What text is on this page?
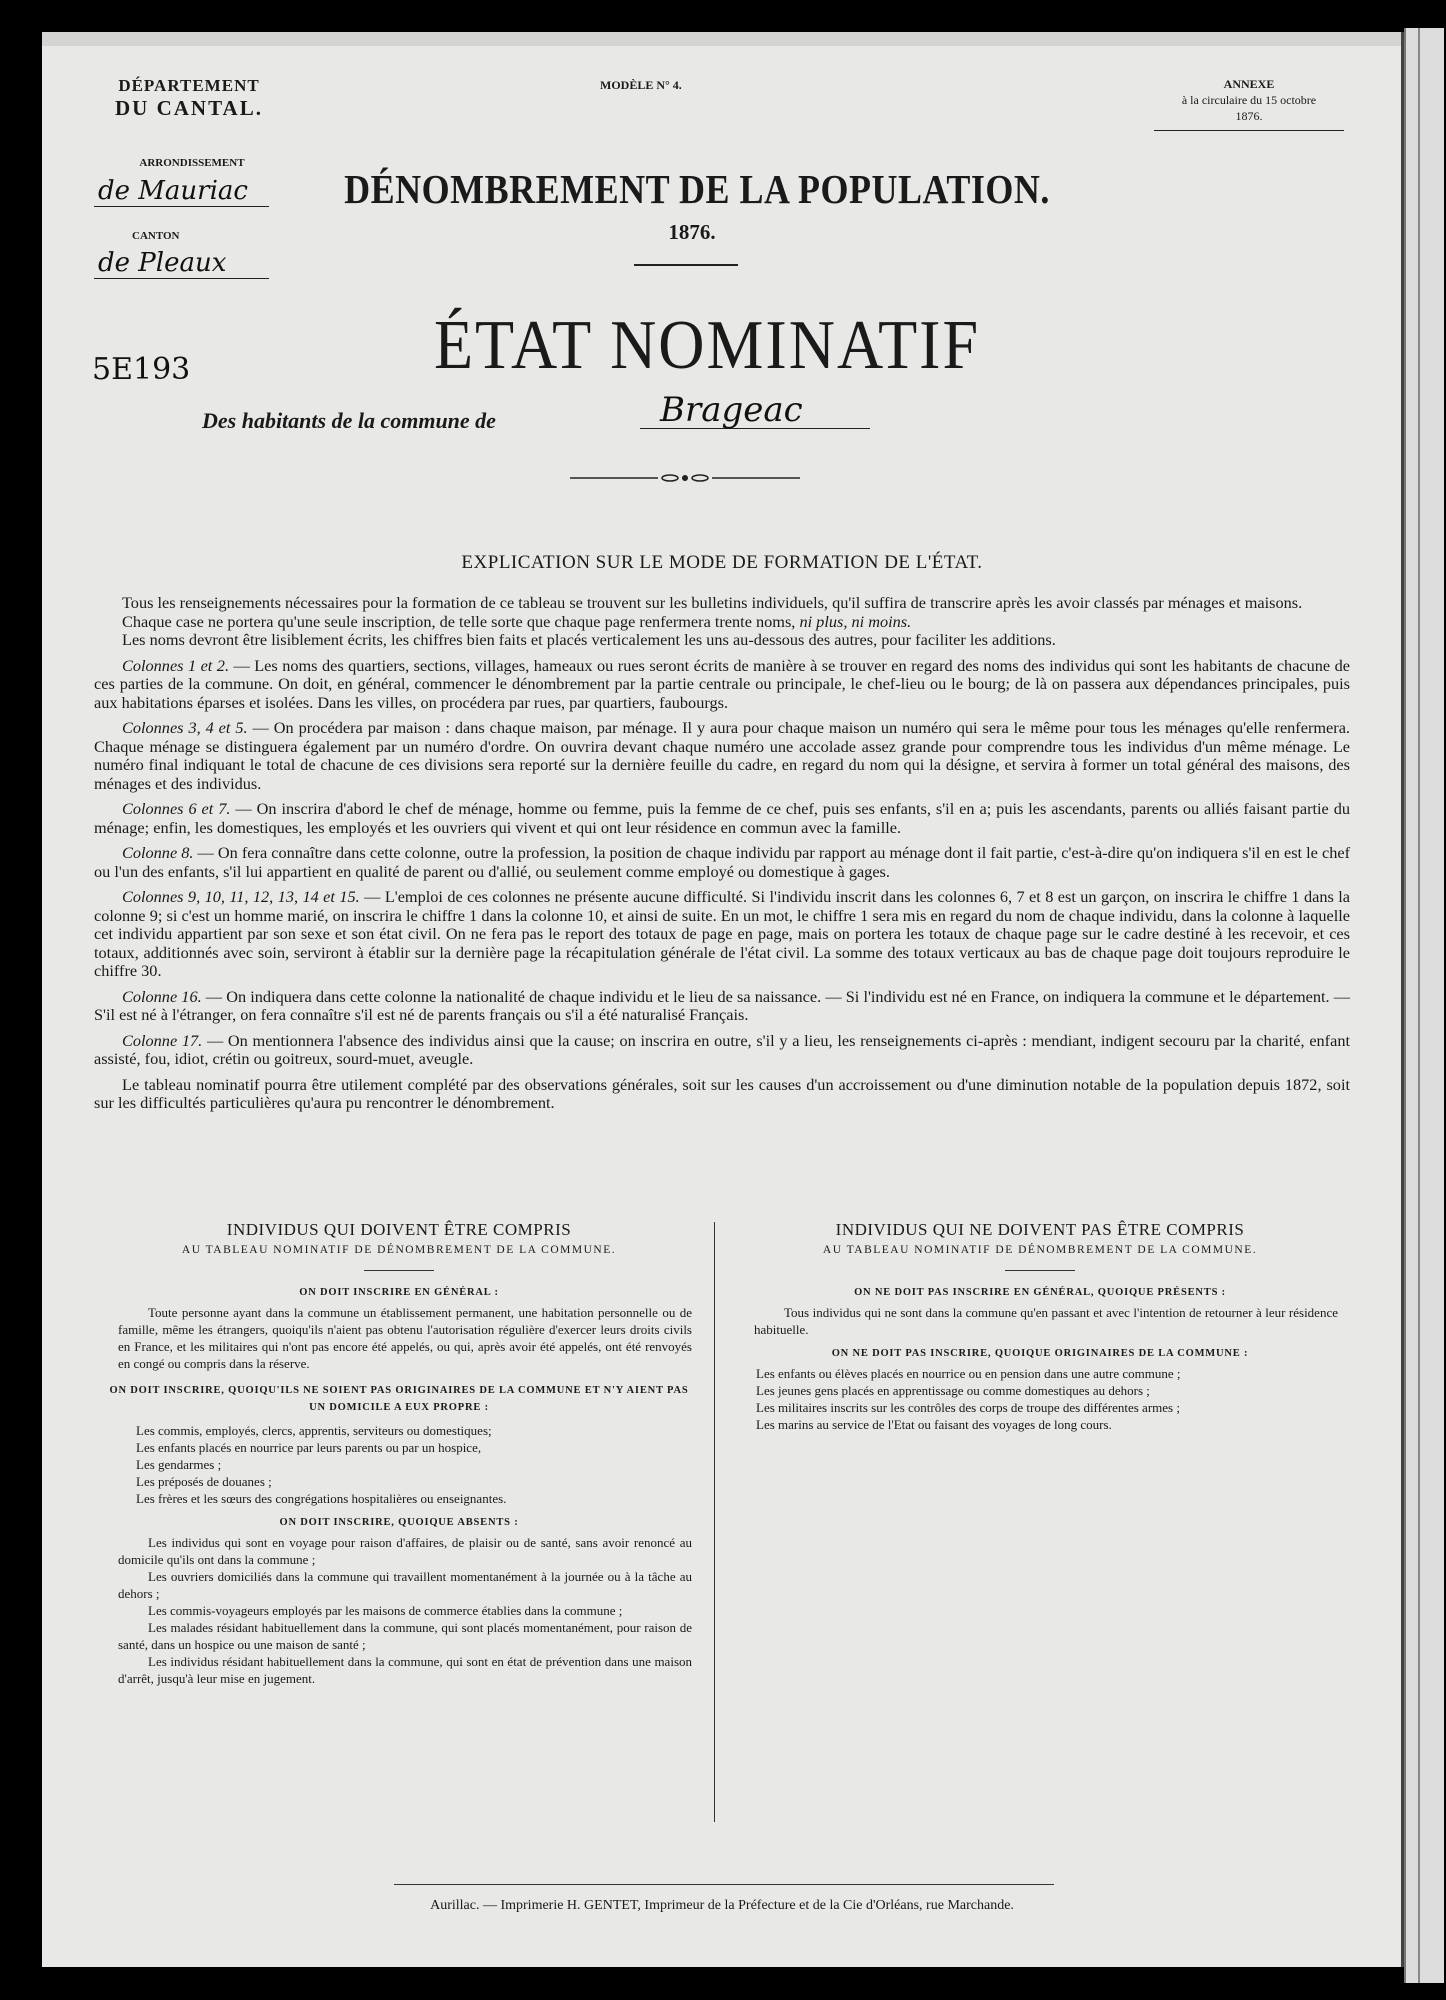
DÉPARTEMENT
DU CANTAL.
ARRONDISSEMENT
de Mauriac
CANTON
de Pleaux
5E193
MODÈLE N° 4.	ANNEXE
à la circulaire du 15 octobre
1876.
DÉNOMBREMENT DE LA POPULATION.
1876.
ÉTAT NOMINATIF
Des habitants de la commune de	Brageac
EXPLICATION SUR LE MODE DE FORMATION DE L'ÉTAT.

Tous les renseignements nécessaires pour la formation de ce tableau se trouvent sur les bulletins individuels, qu'il suffira de transcrire après les avoir classés par ménages et maisons.

Chaque case ne portera qu'une seule inscription, de telle sorte que chaque page renfermera trente noms, ni plus, ni moins.

Les noms devront être lisiblement écrits, les chiffres bien faits et placés verticalement les uns au-dessous des autres, pour faciliter les additions.

Colonnes 1 et 2. — Les noms des quartiers, sections, villages, hameaux ou rues seront écrits de manière à se trouver en regard des noms des individus qui sont les habitants de chacune de ces parties de la commune. On doit, en général, commencer le dénombrement par la partie centrale ou principale, le chef-lieu ou le bourg; de là on passera aux dépendances principales, puis aux habitations éparses et isolées. Dans les villes, on procédera par rues, par quartiers, faubourgs.

Colonnes 3, 4 et 5. — On procédera par maison : dans chaque maison, par ménage. Il y aura pour chaque maison un numéro qui sera le même pour tous les ménages qu'elle renfermera. Chaque ménage se distinguera également par un numéro d'ordre. On ouvrira devant chaque numéro une accolade assez grande pour comprendre tous les individus d'un même ménage. Le numéro final indiquant le total de chacune de ces divisions sera reporté sur la dernière feuille du cadre, en regard du nom qui la désigne, et servira à former un total général des maisons, des ménages et des individus.

Colonnes 6 et 7. — On inscrira d'abord le chef de ménage, homme ou femme, puis la femme de ce chef, puis ses enfants, s'il en a; puis les ascendants, parents ou alliés faisant partie du ménage; enfin, les domestiques, les employés et les ouvriers qui vivent et qui ont leur résidence en commun avec la famille.

Colonne 8. — On fera connaître dans cette colonne, outre la profession, la position de chaque individu par rapport au ménage dont il fait partie, c'est-à-dire qu'on indiquera s'il en est le chef ou l'un des enfants, s'il lui appartient en qualité de parent ou d'allié, ou seulement comme employé ou domestique à gages.

Colonnes 9, 10, 11, 12, 13, 14 et 15. — L'emploi de ces colonnes ne présente aucune difficulté. Si l'individu inscrit dans les colonnes 6, 7 et 8 est un garçon, on inscrira le chiffre 1 dans la colonne 9; si c'est un homme marié, on inscrira le chiffre 1 dans la colonne 10, et ainsi de suite. En un mot, le chiffre 1 sera mis en regard du nom de chaque individu, dans la colonne à laquelle cet individu appartient par son sexe et son état civil. On ne fera pas le report des totaux de page en page, mais on portera les totaux de chaque page sur le cadre destiné à les recevoir, et ces totaux, additionnés avec soin, serviront à établir sur la dernière page la récapitulation générale de l'état civil. La somme des totaux verticaux au bas de chaque page doit toujours reproduire le chiffre 30.

Colonne 16. — On indiquera dans cette colonne la nationalité de chaque individu et le lieu de sa naissance. — Si l'individu est né en France, on indiquera la commune et le département. — S'il est né à l'étranger, on fera connaître s'il est né de parents français ou s'il a été naturalisé Français.

Colonne 17. — On mentionnera l'absence des individus ainsi que la cause; on inscrira en outre, s'il y a lieu, les renseignements ci-après : mendiant, indigent secouru par la charité, enfant assisté, fou, idiot, crétin ou goitreux, sourd-muet, aveugle.

Le tableau nominatif pourra être utilement complété par des observations générales, soit sur les causes d'un accroissement ou d'une diminution notable de la population depuis 1872, soit sur les difficultés particulières qu'aura pu rencontrer le dénombrement.

INDIVIDUS QUI DOIVENT ÊTRE COMPRIS
AU TABLEAU NOMINATIF DE DÉNOMBREMENT DE LA COMMUNE.
ON DOIT INSCRIRE EN GÉNÉRAL :
Toute personne ayant dans la commune un établissement permanent, une habitation personnelle ou de famille, même les étrangers, quoiqu'ils n'aient pas obtenu l'autorisation régulière d'exercer leurs droits civils en France, et les militaires qui n'ont pas encore été appelés, ou qui, après avoir été appelés, ont été renvoyés en congé ou compris dans la réserve.
ON DOIT INSCRIRE, QUOIQU'ILS NE SOIENT PAS ORIGINAIRES DE LA COMMUNE ET N'Y AIENT PAS UN DOMICILE A EUX PROPRE :
Les commis, employés, clercs, apprentis, serviteurs ou domestiques;
Les enfants placés en nourrice par leurs parents ou par un hospice,
Les gendarmes ;
Les préposés de douanes ;
Les frères et les sœurs des congrégations hospitalières ou enseignantes.
ON DOIT INSCRIRE, QUOIQUE ABSENTS :
Les individus qui sont en voyage pour raison d'affaires, de plaisir ou de santé, sans avoir renoncé au domicile qu'ils ont dans la commune ;
Les ouvriers domiciliés dans la commune qui travaillent momentanément à la journée ou à la tâche au dehors ;
Les commis-voyageurs employés par les maisons de commerce établies dans la commune ;
Les malades résidant habituellement dans la commune, qui sont placés momentanément, pour raison de santé, dans un hospice ou une maison de santé ;
Les individus résidant habituellement dans la commune, qui sont en état de prévention dans une maison d'arrêt, jusqu'à leur mise en jugement.
INDIVIDUS QUI NE DOIVENT PAS ÊTRE COMPRIS
AU TABLEAU NOMINATIF DE DÉNOMBREMENT DE LA COMMUNE.
ON NE DOIT PAS INSCRIRE EN GÉNÉRAL, QUOIQUE PRÉSENTS :
Tous individus qui ne sont dans la commune qu'en passant et avec l'intention de retourner à leur résidence habituelle.
ON NE DOIT PAS INSCRIRE, QUOIQUE ORIGINAIRES DE LA COMMUNE :
Les enfants ou élèves placés en nourrice ou en pension dans une autre commune ;
Les jeunes gens placés en apprentissage ou comme domestiques au dehors ;
Les militaires inscrits sur les contrôles des corps de troupe des différentes armes ;
Les marins au service de l'Etat ou faisant des voyages de long cours.
Aurillac. — Imprimerie H. GENTET, Imprimeur de la Préfecture et de la Cie d'Orléans, rue Marchande.
